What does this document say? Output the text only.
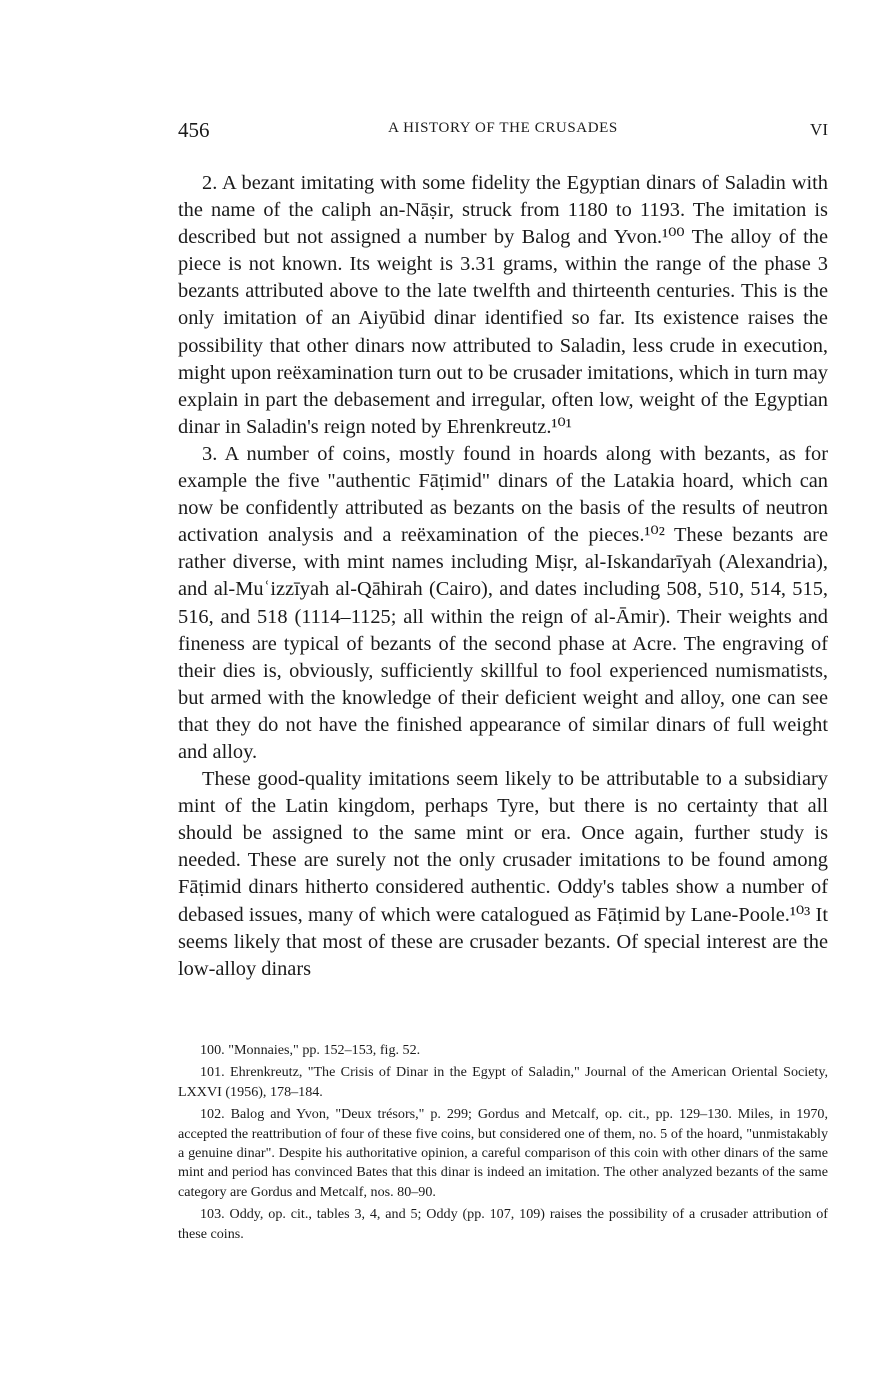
456	A HISTORY OF THE CRUSADES	VI

2. A bezant imitating with some fidelity the Egyptian dinars of Saladin with the name of the caliph an-Nāṣir, struck from 1180 to 1193. The imitation is described but not assigned a number by Balog and Yvon.¹⁰⁰ The alloy of the piece is not known. Its weight is 3.31 grams, within the range of the phase 3 bezants attributed above to the late twelfth and thirteenth centuries. This is the only imitation of an Aiyūbid dinar identified so far. Its existence raises the possibility that other dinars now attributed to Saladin, less crude in execution, might upon reëxamination turn out to be crusader imitations, which in turn may explain in part the debasement and irregular, often low, weight of the Egyptian dinar in Saladin's reign noted by Ehrenkreutz.¹⁰¹

3. A number of coins, mostly found in hoards along with bezants, as for example the five "authentic Fāṭimid" dinars of the Latakia hoard, which can now be confidently attributed as bezants on the basis of the results of neutron activation analysis and a reëxamination of the pieces.¹⁰² These bezants are rather diverse, with mint names including Miṣr, al-Iskandarīyah (Alexandria), and al-Muʿizzīyah al-Qāhirah (Cairo), and dates including 508, 510, 514, 515, 516, and 518 (1114–1125; all within the reign of al-Āmir). Their weights and fineness are typical of bezants of the second phase at Acre. The engraving of their dies is, obviously, sufficiently skillful to fool experienced numismatists, but armed with the knowledge of their deficient weight and alloy, one can see that they do not have the finished appearance of similar dinars of full weight and alloy.

These good-quality imitations seem likely to be attributable to a subsidiary mint of the Latin kingdom, perhaps Tyre, but there is no certainty that all should be assigned to the same mint or era. Once again, further study is needed. These are surely not the only crusader imitations to be found among Fāṭimid dinars hitherto considered authentic. Oddy's tables show a number of debased issues, many of which were catalogued as Fāṭimid by Lane-Poole.¹⁰³ It seems likely that most of these are crusader bezants. Of special interest are the low-alloy dinars

100. "Monnaies," pp. 152–153, fig. 52.

101. Ehrenkreutz, "The Crisis of Dinar in the Egypt of Saladin," Journal of the American Oriental Society, LXXVI (1956), 178–184.

102. Balog and Yvon, "Deux trésors," p. 299; Gordus and Metcalf, op. cit., pp. 129–130. Miles, in 1970, accepted the reattribution of four of these five coins, but considered one of them, no. 5 of the hoard, "unmistakably a genuine dinar". Despite his authoritative opinion, a careful comparison of this coin with other dinars of the same mint and period has convinced Bates that this dinar is indeed an imitation. The other analyzed bezants of the same category are Gordus and Metcalf, nos. 80–90.

103. Oddy, op. cit., tables 3, 4, and 5; Oddy (pp. 107, 109) raises the possibility of a crusader attribution of these coins.
